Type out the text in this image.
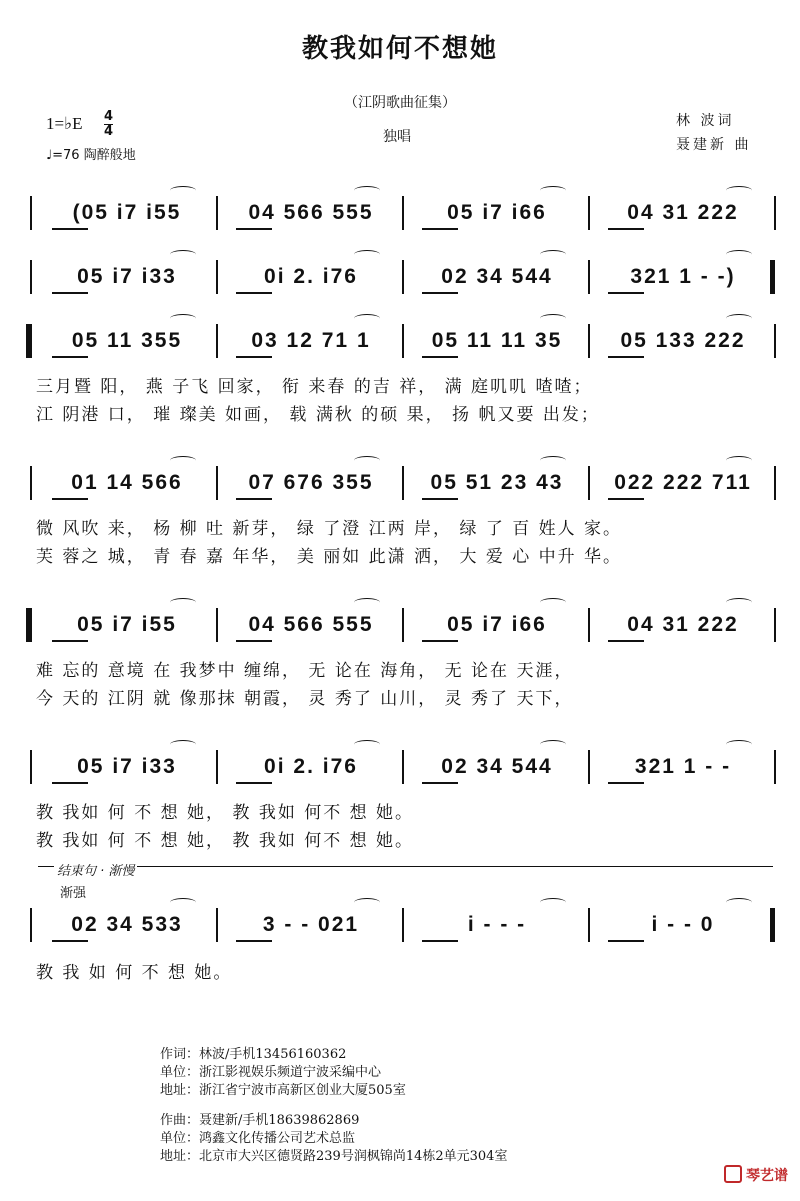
教我如何不想她
（江阴歌曲征集）
独唱
1=♭E 4
4
♩=76 陶醉般地
林 波词
聂建新 曲
(05 i7 i55	04 566 555	05 i7 i66	04 31 222
05 i7 i33	0i 2. i76	02 34 544	321 1 - -)
05 11 355	03 12 71 1	05 11 11 35	05 133 222
三月暨 阳， 燕 子飞 回家， 衔 来春 的吉 祥， 满 庭叽叽 喳喳；
江 阴港 口， 璀 璨美 如画， 载 满秋 的硕 果， 扬 帆又要 出发；
01 14 566	07 676 355	05 51 23 43	022 222 711
微 风吹 来， 杨 柳 吐 新芽， 绿 了澄 江两 岸， 绿 了 百 姓人 家。
芙 蓉之 城， 青 春 嘉 年华， 美 丽如 此潇 洒， 大 爱 心 中升 华。
05 i7 i55	04 566 555	05 i7 i66	04 31 222
难 忘的 意境 在 我梦中 缠绵， 无 论在 海角， 无 论在 天涯，
今 天的 江阴 就 像那抹 朝霞， 灵 秀了 山川， 灵 秀了 天下，
05 i7 i33	0i 2. i76	02 34 544	321 1 - -
教 我如 何 不 想 她， 教 我如 何不 想 她。
教 我如 何 不 想 她， 教 我如 何不 想 她。
结束句 · 渐慢
渐强
02 34 533	3 - - 021	i - - -	i - - 0
教 我 如 何 不 想 她。
作词：林波/手机13456160362
单位：浙江影视娱乐频道宁波采编中心
地址：浙江省宁波市高新区创业大厦505室
作曲：聂建新/手机18639862869
单位：鸿鑫文化传播公司艺术总监
地址：北京市大兴区德贤路239号润枫锦尚14栋2单元304室
琴艺谱
